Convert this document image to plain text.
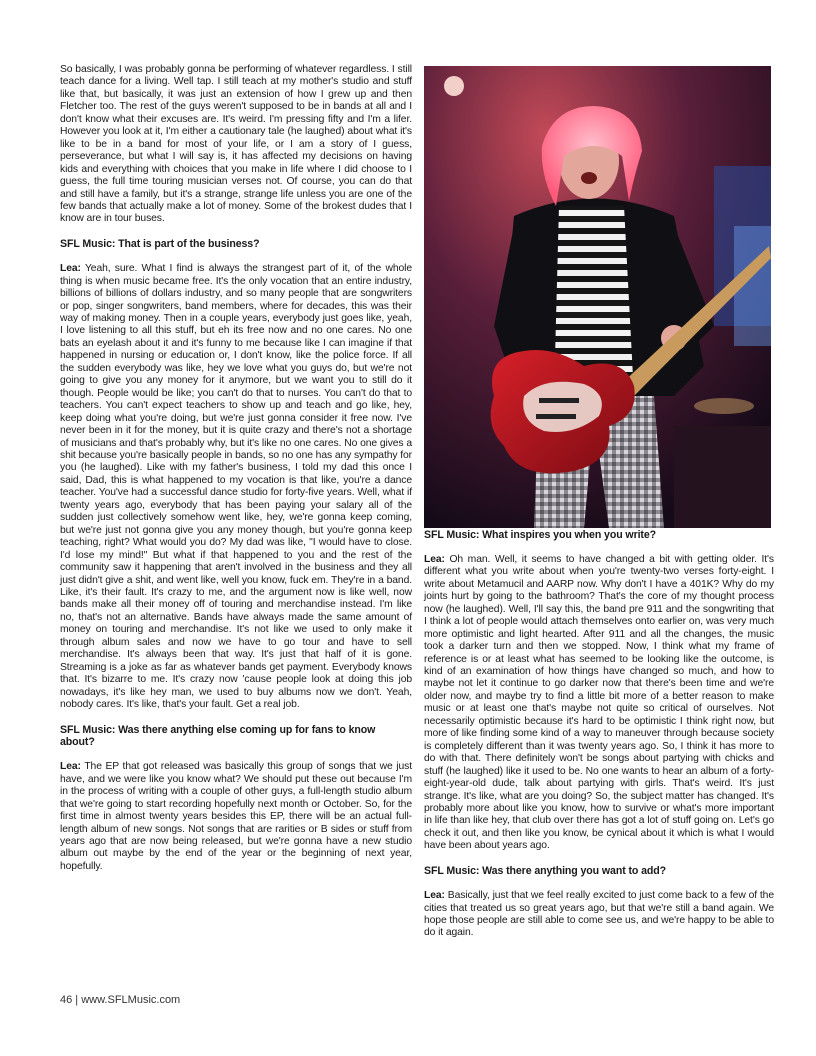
So basically, I was probably gonna be performing of whatever regardless. I still teach dance for a living. Well tap. I still teach at my mother's studio and stuff like that, but basically, it was just an extension of how I grew up and then Fletcher too. The rest of the guys weren't supposed to be in bands at all and I don't know what their excuses are. It's weird. I'm pressing fifty and I'm a lifer. However you look at it, I'm either a cautionary tale (he laughed) about what it's like to be in a band for most of your life, or I am a story of I guess, perseverance, but what I will say is, it has affected my decisions on having kids and everything with choices that you make in life where I did choose to I guess, the full time touring musician verses not. Of course, you can do that and still have a family, but it's a strange, strange life unless you are one of the few bands that actually make a lot of money. Some of the brokest dudes that I know are in tour buses.

SFL Music: That is part of the business?

Lea: Yeah, sure. What I find is always the strangest part of it, of the whole thing is when music became free. It's the only vocation that an entire industry, billions of billions of dollars industry, and so many people that are songwriters or pop, singer songwriters, band members, where for decades, this was their way of making money. Then in a couple years, everybody just goes like, yeah, I love listening to all this stuff, but eh its free now and no one cares. No one bats an eyelash about it and it's funny to me because like I can imagine if that happened in nursing or education or, I don't know, like the police force. If all the sudden everybody was like, hey we love what you guys do, but we're not going to give you any money for it anymore, but we want you to still do it though. People would be like; you can't do that to nurses. You can't do that to teachers. You can't expect teachers to show up and teach and go like, hey, keep doing what you're doing, but we're just gonna consider it free now. I've never been in it for the money, but it is quite crazy and there's not a shortage of musicians and that's probably why, but it's like no one cares. No one gives a shit because you're basically people in bands, so no one has any sympathy for you (he laughed). Like with my father's business, I told my dad this once I said, Dad, this is what happened to my vocation is that like, you're a dance teacher. You've had a successful dance studio for forty-five years. Well, what if twenty years ago, everybody that has been paying your salary all of the sudden just collectively somehow went like, hey, we're gonna keep coming, but we're just not gonna give you any money though, but you're gonna keep teaching, right? What would you do? My dad was like, "I would have to close. I'd lose my mind!" But what if that happened to you and the rest of the community saw it happening that aren't involved in the business and they all just didn't give a shit, and went like, well you know, fuck em. They're in a band. Like, it's their fault. It's crazy to me, and the argument now is like well, now bands make all their money off of touring and merchandise instead. I'm like no, that's not an alternative. Bands have always made the same amount of money on touring and merchandise. It's not like we used to only make it through album sales and now we have to go tour and have to sell merchandise. It's always been that way. It's just that half of it is gone. Streaming is a joke as far as whatever bands get payment. Everybody knows that. It's bizarre to me. It's crazy now 'cause people look at doing this job nowadays, it's like hey man, we used to buy albums now we don't. Yeah, nobody cares. It's like, that's your fault. Get a real job.

SFL Music: Was there anything else coming up for fans to know about?

Lea: The EP that got released was basically this group of songs that we just have, and we were like you know what? We should put these out because I'm in the process of writing with a couple of other guys, a full-length studio album that we're going to start recording hopefully next month or October. So, for the first time in almost twenty years besides this EP, there will be an actual full-length album of new songs. Not songs that are rarities or B sides or stuff from years ago that are now being released, but we're gonna have a new studio album out maybe by the end of the year or the beginning of next year, hopefully.

SFL Music: What inspires you when you write?

Lea: Oh man. Well, it seems to have changed a bit with getting older. It's different what you write about when you're twenty-two verses forty-eight. I write about Metamucil and AARP now. Why don't I have a 401K? Why do my joints hurt by going to the bathroom? That's the core of my thought process now (he laughed). Well, I'll say this, the band pre 911 and the songwriting that I think a lot of people would attach themselves onto earlier on, was very much more optimistic and light hearted. After 911 and all the changes, the music took a darker turn and then we stopped. Now, I think what my frame of reference is or at least what has seemed to be looking like the outcome, is kind of an examination of how things have changed so much, and how to maybe not let it continue to go darker now that there's been time and we're older now, and maybe try to find a little bit more of a better reason to make music or at least one that's maybe not quite so critical of ourselves. Not necessarily optimistic because it's hard to be optimistic I think right now, but more of like finding some kind of a way to maneuver through because society is completely different than it was twenty years ago. So, I think it has more to do with that. There definitely won't be songs about partying with chicks and stuff (he laughed) like it used to be. No one wants to hear an album of a forty-eight-year-old dude, talk about partying with girls. That's weird. It's just strange. It's like, what are you doing? So, the subject matter has changed. It's probably more about like you know, how to survive or what's more important in life than like hey, that club over there has got a lot of stuff going on. Let's go check it out, and then like you know, be cynical about it which is what I would have been about years ago.

SFL Music: Was there anything you want to add?

Lea: Basically, just that we feel really excited to just come back to a few of the cities that treated us so great years ago, but that we're still a band again. We hope those people are still able to come see us, and we're happy to be able to do it again.

46 | www.SFLMusic.com
